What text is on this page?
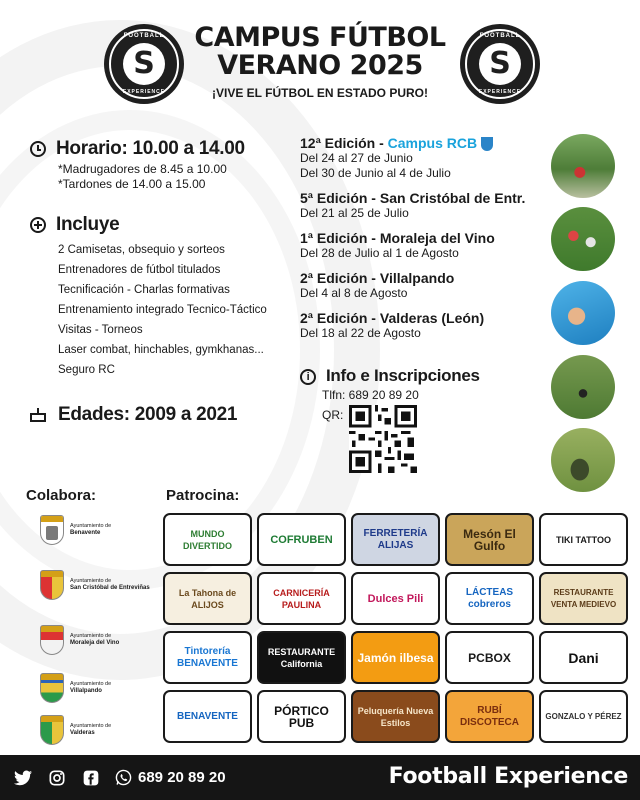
FOOTBALL
S
EXPERIENCE
FOOTBALL
S
EXPERIENCE
CAMPUS FÚTBOL
VERANO 2025

¡VIVE EL FÚTBOL EN ESTADO PURO!

Horario: 10.00 a 14.00
*Madrugadores de 8.45 a 10.00
*Tardones de 14.00 a 15.00
Incluye
2 Camisetas, obsequio y sorteos
Entrenadores de fútbol titulados
Tecnificación - Charlas formativas
Entrenamiento integrado Tecnico-Táctico
Visitas - Torneos
Laser combat, hinchables, gymkhanas...
Seguro RC
Edades: 2009 a 2021
12ª Edición - Campus RCB
Del 24 al 27 de Junio
Del 30 de Junio al 4 de Julio
5ª Edición - San Cristóbal de Entr.
Del 21 al 25 de Julio
1ª Edición - Moraleja del Vino
Del 28 de Julio al 1 de Agosto
2ª Edición - Villalpando
Del 4 al 8 de Agosto
2ª Edición - Valderas (León)
Del 18 al 22 de Agosto
i Info e Inscripciones
Tlfn: 689 20 89 20
QR:
Colabora:
Ayuntamiento de
Benavente
Ayuntamiento de
San Cristóbal de Entreviñas
Ayuntamiento de
Moraleja del Vino
Ayuntamiento de
Villalpando
Ayuntamiento de
Valderas
Patrocina:
MUNDO DIVERTIDO	COFRUBEN
FERRETERÍA ALIJAS
Mesón El Gulfo	TIKI TATTOO
La Tahona de ALIJOS
CARNICERÍA PAULINA	Dulces Pili
LÁCTEAS cobreros
RESTAURANTE VENTA MEDIEVO
Tintorería BENAVENTE
RESTAURANTE California	Jamón ilbesa	PCBOX	Dani
BENAVENTE	PÓRTICO PUB
Peluquería Nueva Estilos
RUBÍ DISCOTECA
GONZALO Y PÉREZ
689 20 89 20	Football Experience
